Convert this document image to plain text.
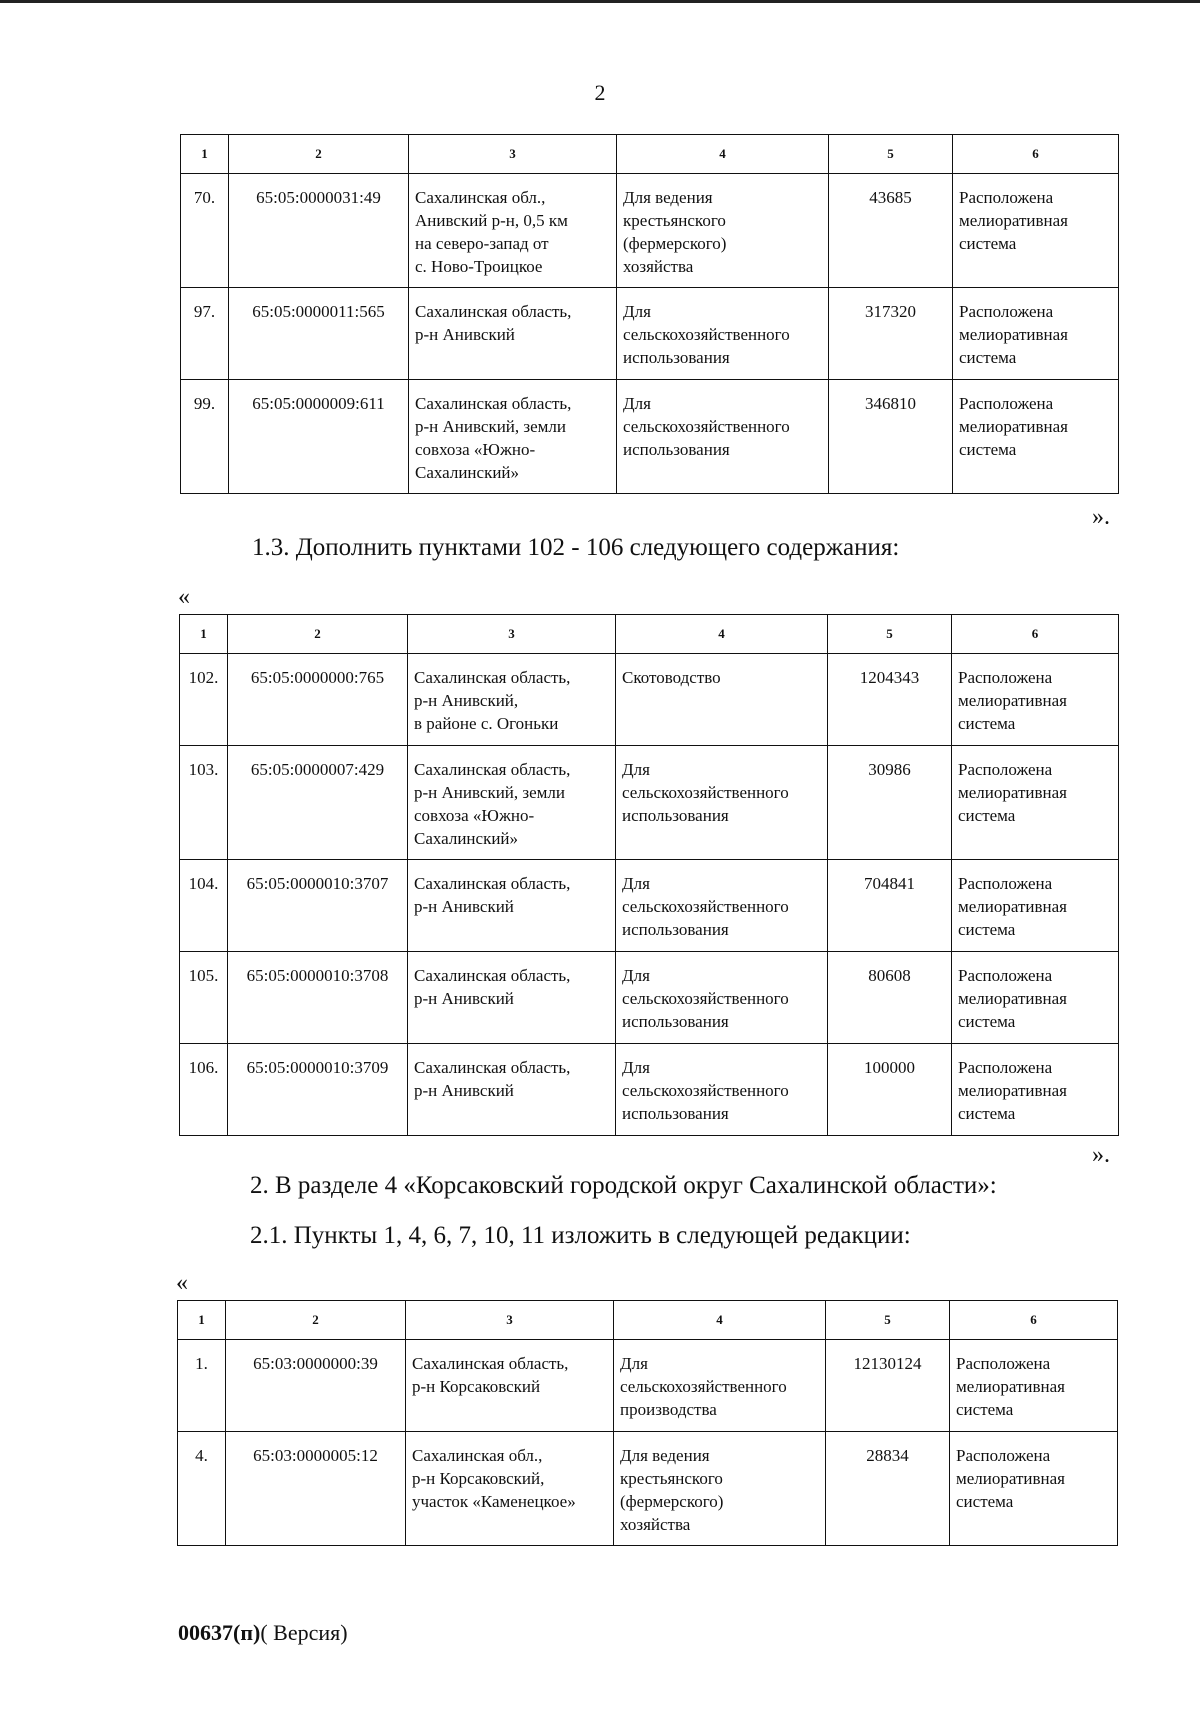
2
1	2	3	4	5	6
70.	65:05:0000031:49	Сахалинская обл.,
Анивский р-н, 0,5 км
на северо-запад от
с. Ново-Троицкое	Для ведения
крестьянского
(фермерского)
хозяйства	43685	Расположена
мелиоративная
система
97.	65:05:0000011:565	Сахалинская область,
р-н Анивский	Для
сельскохозяйственного
использования	317320	Расположена
мелиоративная
система
99.	65:05:0000009:611	Сахалинская область,
р-н Анивский, земли
совхоза «Южно-
Сахалинский»	Для
сельскохозяйственного
использования	346810	Расположена
мелиоративная
система
».
1.3. Дополнить пунктами 102 - 106 следующего содержания:
«
1	2	3	4	5	6
102.	65:05:0000000:765	Сахалинская область,
р-н Анивский,
в районе с. Огоньки	Скотоводство	1204343	Расположена
мелиоративная
система
103.	65:05:0000007:429	Сахалинская область,
р-н Анивский, земли
совхоза «Южно-
Сахалинский»	Для
сельскохозяйственного
использования	30986	Расположена
мелиоративная
система
104.	65:05:0000010:3707	Сахалинская область,
р-н Анивский	Для
сельскохозяйственного
использования	704841	Расположена
мелиоративная
система
105.	65:05:0000010:3708	Сахалинская область,
р-н Анивский	Для
сельскохозяйственного
использования	80608	Расположена
мелиоративная
система
106.	65:05:0000010:3709	Сахалинская область,
р-н Анивский	Для
сельскохозяйственного
использования	100000	Расположена
мелиоративная
система
».
2. В разделе 4 «Корсаковский городской округ Сахалинской области»:
2.1. Пункты 1, 4, 6, 7, 10, 11 изложить в следующей редакции:
«
1	2	3	4	5	6
1.	65:03:0000000:39	Сахалинская область,
р-н Корсаковский	Для
сельскохозяйственного
производства	12130124	Расположена
мелиоративная
система
4.	65:03:0000005:12	Сахалинская обл.,
р-н Корсаковский,
участок «Каменецкое»	Для ведения
крестьянского
(фермерского)
хозяйства	28834	Расположена
мелиоративная
система
00637(п)( Версия)
